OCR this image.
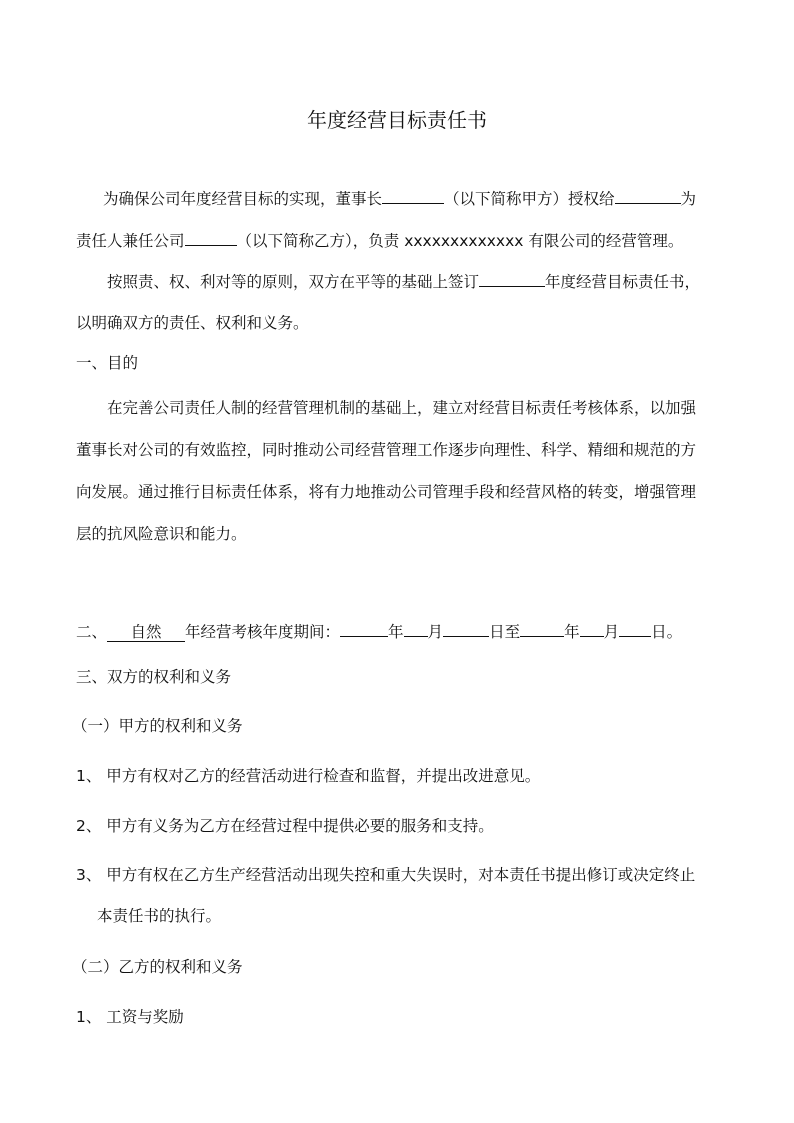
年度经营目标责任书
为确保公司年度经营目标的实现，董事长	（以下简称甲方）授权给	为
责任人兼任公司	（以下简称乙方），负责 xxxxxxxxxxxxx 有限公司的经营管理。
按照责、权、利对等的原则，双方在平等的基础上签订	年度经营目标责任书，
以明确双方的责任、权利和义务。
一、目的
在完善公司责任人制的经营管理机制的基础上，建立对经营目标责任考核体系，以加强
董事长对公司的有效监控，同时推动公司经营管理工作逐步向理性、科学、精细和规范的方
向发展。通过推行目标责任体系，将有力地推动公司管理手段和经营风格的转变，增强管理
层的抗风险意识和能力。
二、 自然 年经营考核年度期间：	年 月	日至	年 月 日。
三、双方的权利和义务
（一）甲方的权利和义务
1、 甲方有权对乙方的经营活动进行检查和监督，并提出改进意见。
2、 甲方有义务为乙方在经营过程中提供必要的服务和支持。
3、 甲方有权在乙方生产经营活动出现失控和重大失误时，对本责任书提出修订或决定终止
本责任书的执行。
（二）乙方的权利和义务
1、 工资与奖励
